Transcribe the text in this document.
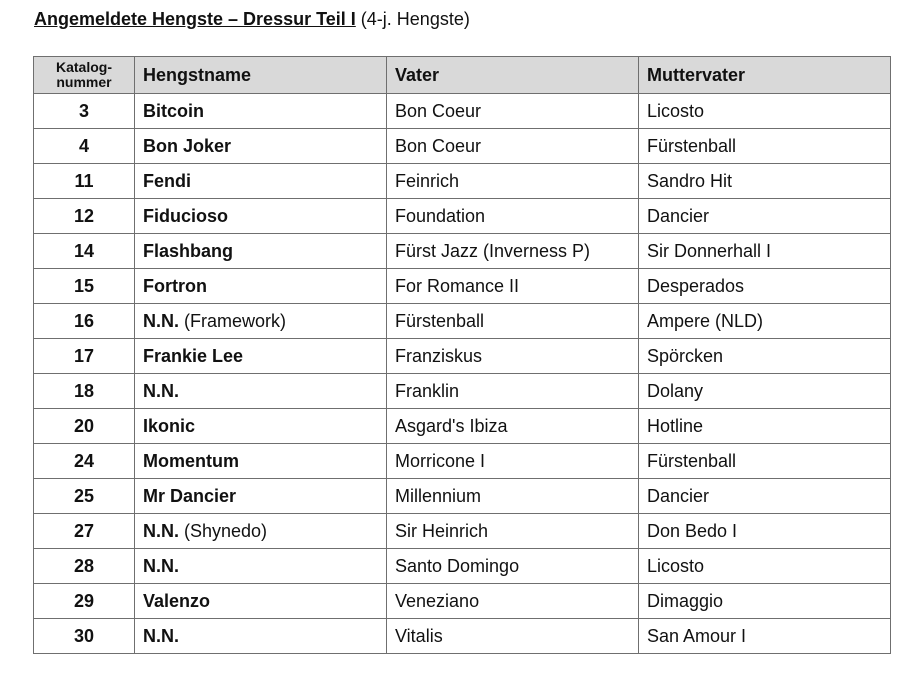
Angemeldete Hengste – Dressur Teil I (4-j. Hengste)
Katalog-
nummer	Hengstname	Vater	Muttervater
3	Bitcoin	Bon Coeur	Licosto
4	Bon Joker	Bon Coeur	Fürstenball
11	Fendi	Feinrich	Sandro Hit
12	Fiducioso	Foundation	Dancier
14	Flashbang	Fürst Jazz (Inverness P)	Sir Donnerhall I
15	Fortron	For Romance II	Desperados
16	N.N. (Framework)	Fürstenball	Ampere (NLD)
17	Frankie Lee	Franziskus	Spörcken
18	N.N.	Franklin	Dolany
20	Ikonic	Asgard's Ibiza	Hotline
24	Momentum	Morricone I	Fürstenball
25	Mr Dancier	Millennium	Dancier
27	N.N. (Shynedo)	Sir Heinrich	Don Bedo I
28	N.N.	Santo Domingo	Licosto
29	Valenzo	Veneziano	Dimaggio
30	N.N.	Vitalis	San Amour I
